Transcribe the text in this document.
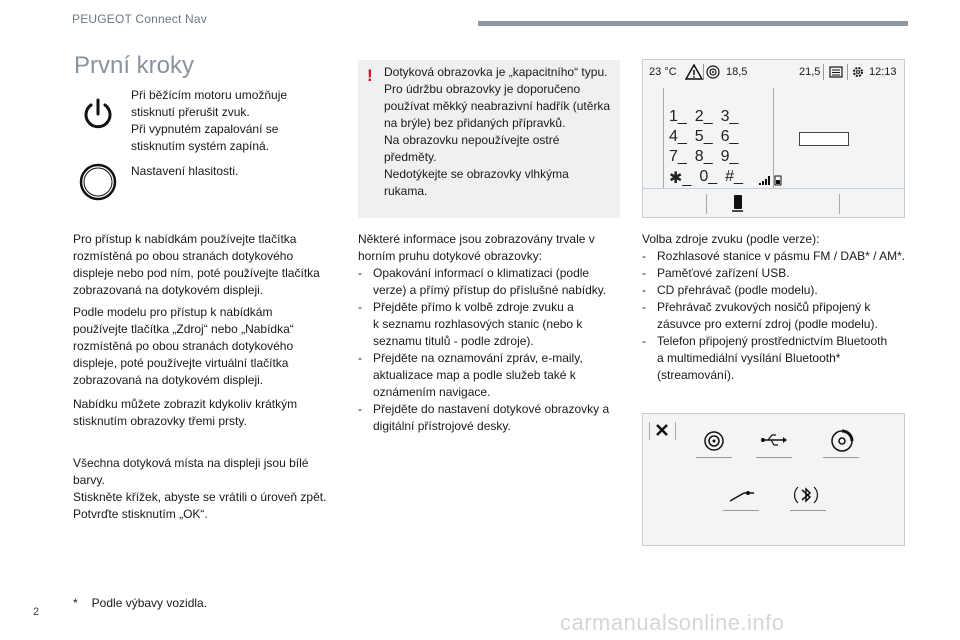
PEUGEOT Connect Nav
První kroky
Při běžícím motoru umožňuje
stisknutí přerušit zvuk.
Při vypnutém zapalování se
stisknutím systém zapíná.
Nastavení hlasitosti.
Pro přístup k nabídkám používejte tlačítka
rozmístěná po obou stranách dotykového
displeje nebo pod ním, poté používejte tlačítka
zobrazovaná na dotykovém displeji.
Podle modelu pro přístup k nabídkám
používejte tlačítka „Zdroj“ nebo „Nabídka“
rozmístěná po obou stranách dotykového
displeje, poté používejte virtuální tlačítka
zobrazovaná na dotykovém displeji.
Nabídku můžete zobrazit kdykoliv krátkým
stisknutím obrazovky třemi prsty.
Všechna dotyková místa na displeji jsou bílé
barvy.
Stiskněte křížek, abyste se vrátili o úroveň zpět.
Potvrďte stisknutím „OK“.
! Dotyková obrazovka je „kapacitního“ typu.
Pro údržbu obrazovky je doporučeno
používat měkký neabrazivní hadřík (utěrka
na brýle) bez přidaných přípravků.
Na obrazovku nepoužívejte ostré
předměty.
Nedotýkejte se obrazovky vlhkýma
rukama.
Některé informace jsou zobrazovány trvale v
horním pruhu dotykové obrazovky:
- Opakování informací o klimatizaci (podle
verze) a přímý přístup do příslušné nabídky.
- Přejděte přímo k volbě zdroje zvuku a
k seznamu rozhlasových stanic (nebo k
seznamu titulů - podle zdroje).
- Přejděte na oznamování zpráv, e-maily,
aktualizace map a podle služeb také k
oznámením navigace.
- Přejděte do nastavení dotykové obrazovky a
digitální přístrojové desky.
23 °C	18,5	21,5	12:13
1_ 2_ 3_
4_ 5_ 6_
7_ 8_ 9_
✱_ 0_ #_
Volba zdroje zvuku (podle verze):
- Rozhlasové stanice v pásmu FM / DAB* / AM*.
- Paměťové zařízení USB.
- CD přehrávač (podle modelu).
- Přehrávač zvukových nosičů připojený k
zásuvce pro externí zdroj (podle modelu).
- Telefon připojený prostřednictvím Bluetooth
a multimediální vysílání Bluetooth*
(streamování).
* Podle výbavy vozidla.
2	carmanualsonline.info
